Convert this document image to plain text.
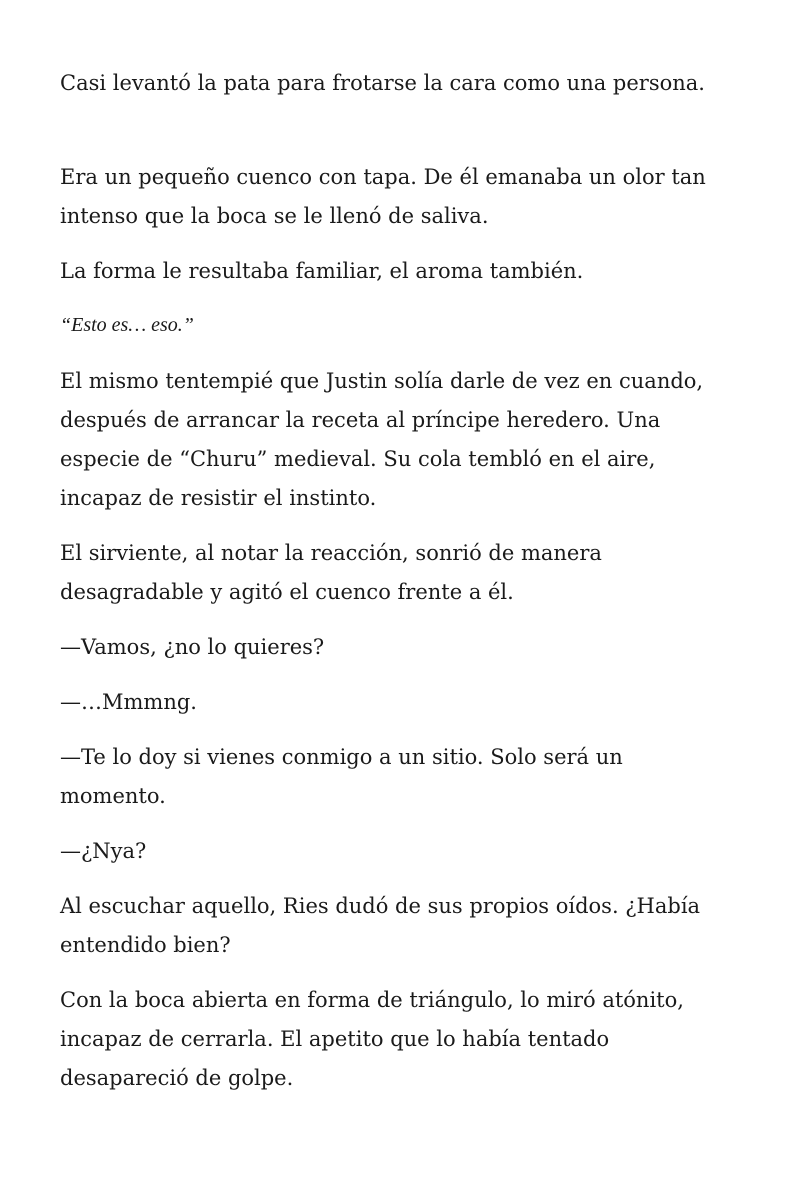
Casi levantó la pata para frotarse la cara como una persona.

Era un pequeño cuenco con tapa. De él emanaba un olor tan
intenso que la boca se le llenó de saliva.

La forma le resultaba familiar, el aroma también.

“Esto es… eso.”

El mismo tentempié que Justin solía darle de vez en cuando,
después de arrancar la receta al príncipe heredero. Una
especie de “Churu” medieval. Su cola tembló en el aire,
incapaz de resistir el instinto.

El sirviente, al notar la reacción, sonrió de manera
desagradable y agitó el cuenco frente a él.

—Vamos, ¿no lo quieres?

—…Mmmng.

—Te lo doy si vienes conmigo a un sitio. Solo será un
momento.

—¿Nya?

Al escuchar aquello, Ries dudó de sus propios oídos. ¿Había
entendido bien?

Con la boca abierta en forma de triángulo, lo miró atónito,
incapaz de cerrarla. El apetito que lo había tentado
desapareció de golpe.
